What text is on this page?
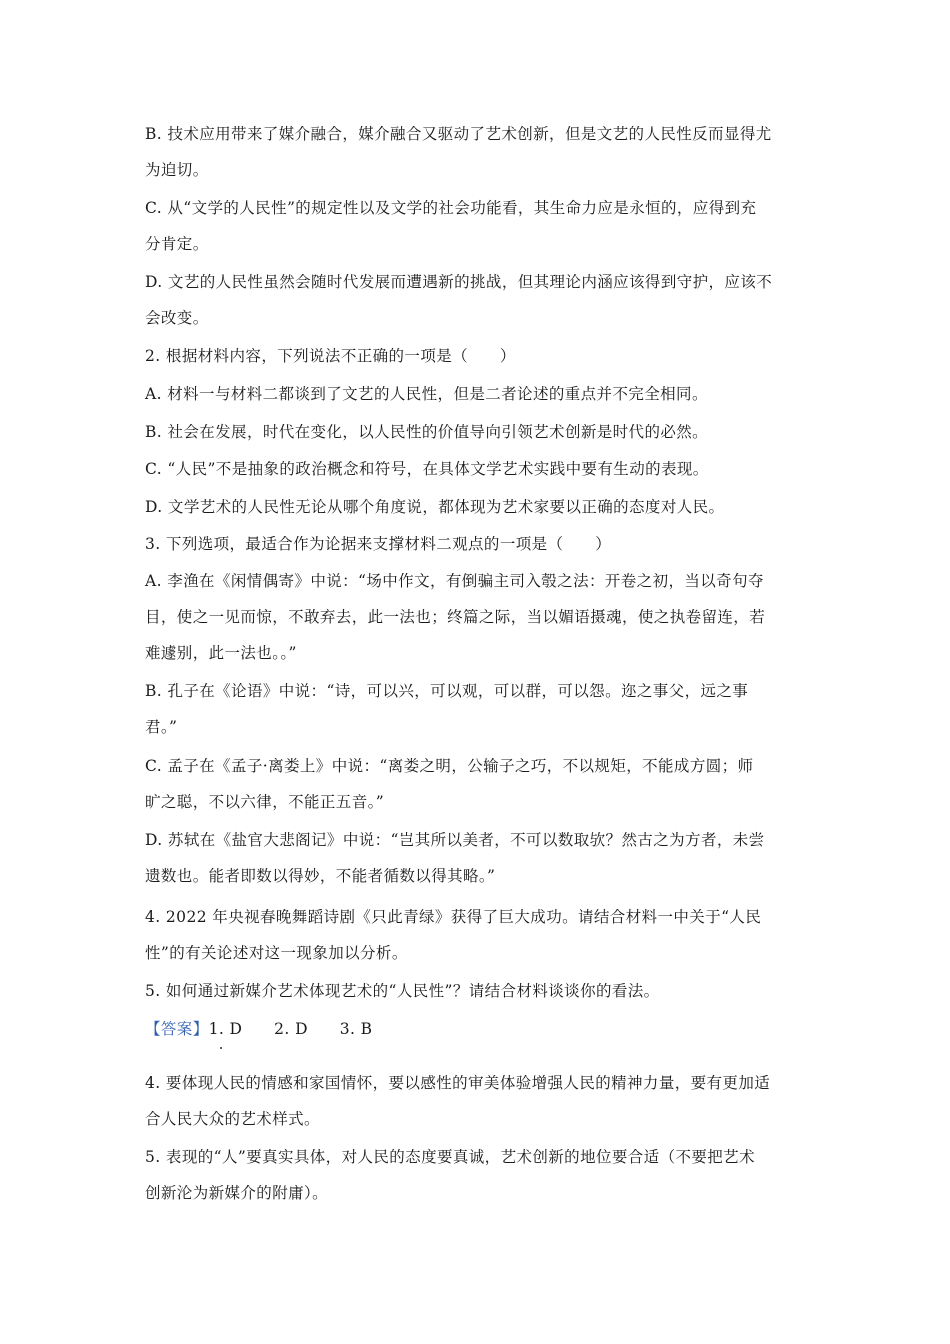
B. 技术应用带来了媒介融合，媒介融合又驱动了艺术创新，但是文艺的人民性反而显得尤
为迫切。

C. 从“文学的人民性”的规定性以及文学的社会功能看，其生命力应是永恒的，应得到充
分肯定。

D. 文艺的人民性虽然会随时代发展而遭遇新的挑战，但其理论内涵应该得到守护，应该不
会改变。

2. 根据材料内容，下列说法不正确的一项是（　　）

A. 材料一与材料二都谈到了文艺的人民性，但是二者论述的重点并不完全相同。

B. 社会在发展，时代在变化，以人民性的价值导向引领艺术创新是时代的必然。

C. “人民”不是抽象的政治概念和符号，在具体文学艺术实践中要有生动的表现。

D. 文学艺术的人民性无论从哪个角度说，都体现为艺术家要以正确的态度对人民。

3. 下列选项，最适合作为论据来支撑材料二观点的一项是（　　）

A. 李渔在《闲情偶寄》中说：“场中作文，有倒骗主司入彀之法：开卷之初，当以奇句夺
目，使之一见而惊，不敢弃去，此一法也；终篇之际，当以媚语摄魂，使之执卷留连，若
难遽别，此一法也。。”

B. 孔子在《论语》中说：“诗，可以兴，可以观，可以群，可以怨。迩之事父，远之事
君。”

C. 孟子在《孟子·离娄上》中说：“离娄之明，公输子之巧，不以规矩，不能成方圆；师
旷之聪，不以六律，不能正五音。”

D. 苏轼在《盐官大悲阁记》中说：“岂其所以美者，不可以数取欤？然古之为方者，未尝
遗数也。能者即数以得妙，不能者循数以得其略。”

4. 2022 年央视春晚舞蹈诗剧《只此青绿》获得了巨大成功。请结合材料一中关于“人民
性”的有关论述对这一现象加以分析。

5. 如何通过新媒介艺术体现艺术的“人民性”？请结合材料谈谈你的看法。

【答案】1. D　　2. D　　3. B

4. 要体现人民的情感和家国情怀，要以感性的审美体验增强人民的精神力量，要有更加适
合人民大众的艺术样式。

5. 表现的“人”要真实具体，对人民的态度要真诚，艺术创新的地位要合适（不要把艺术
创新沦为新媒介的附庸）。
